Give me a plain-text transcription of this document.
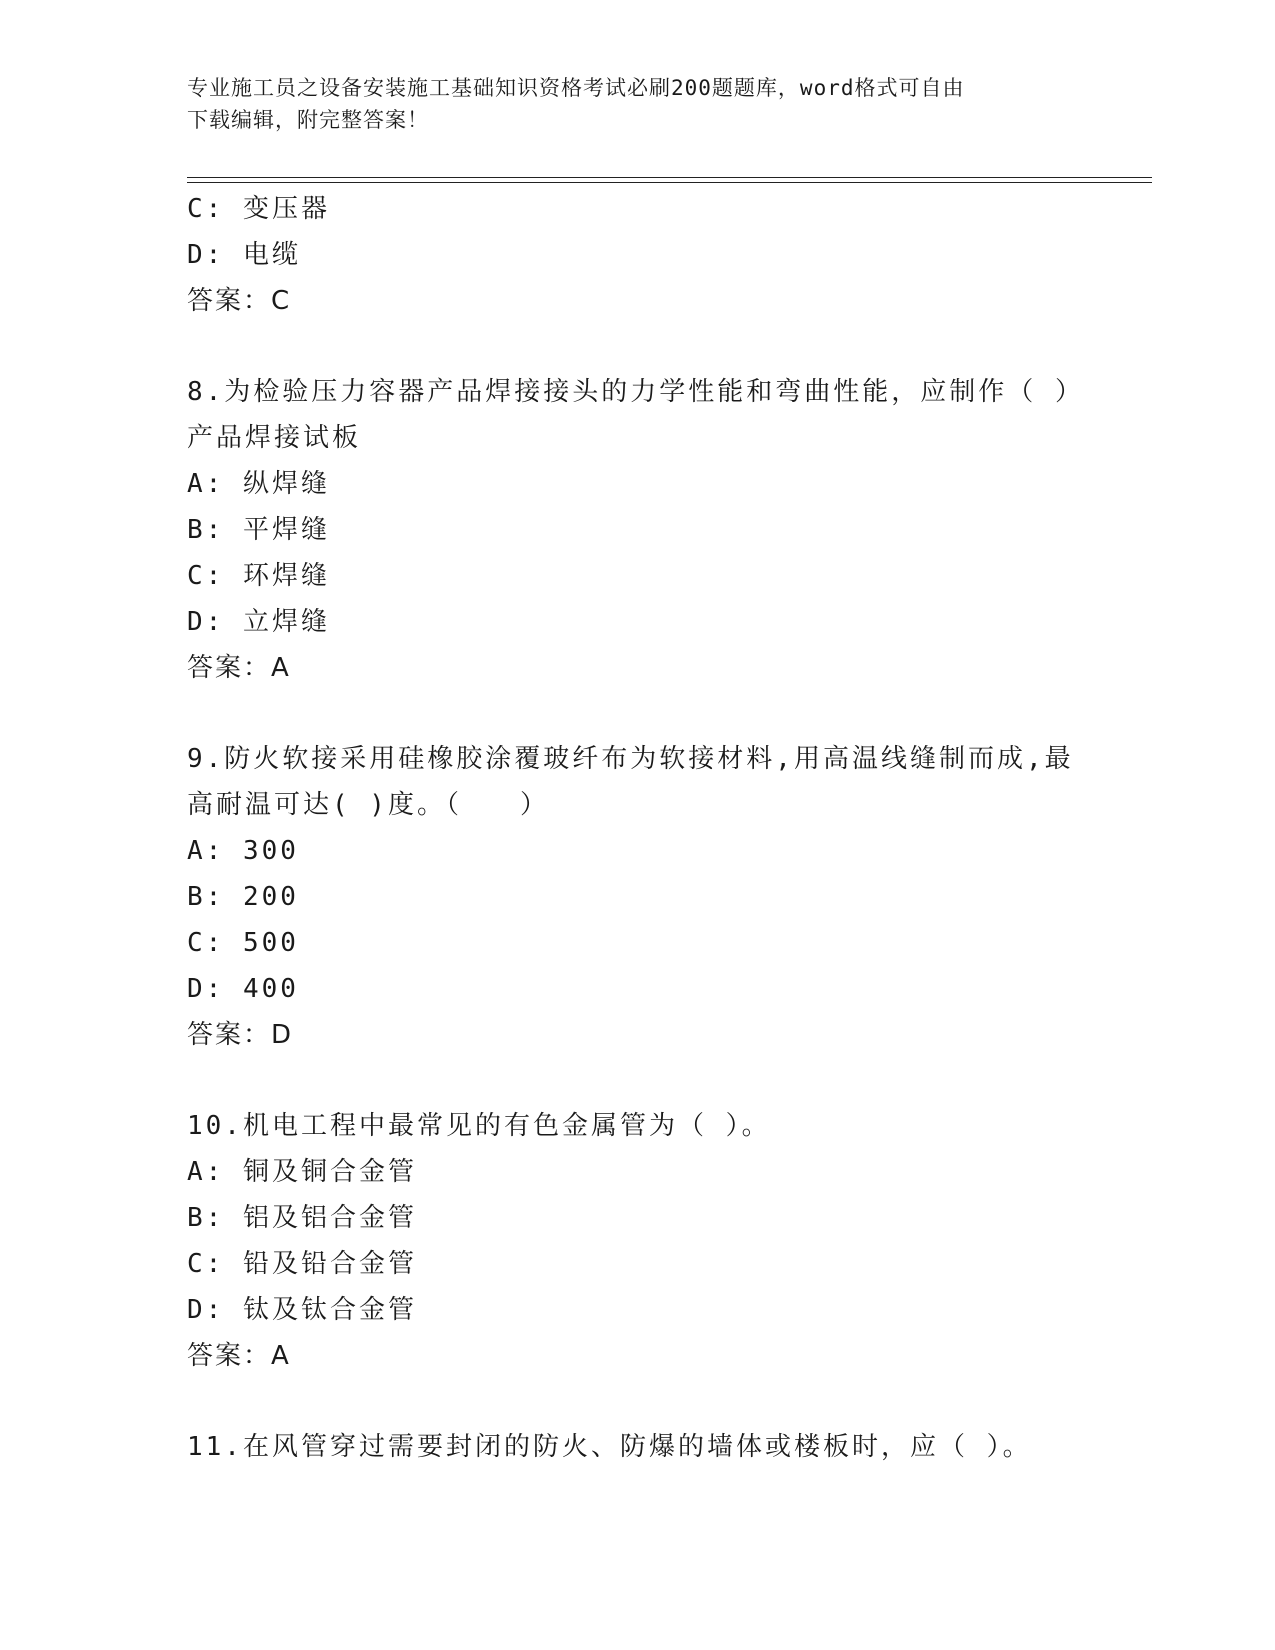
专业施工员之设备安装施工基础知识资格考试必刷200题题库，word格式可自由
下载编辑，附完整答案！
C: 变压器
D: 电缆
答案：C
8.为检验压力容器产品焊接接头的力学性能和弯曲性能，应制作（ ）
产品焊接试板
A: 纵焊缝
B: 平焊缝
C: 环焊缝
D: 立焊缝
答案：A
9.防火软接采用硅橡胶涂覆玻纤布为软接材料,用高温线缝制而成,最
高耐温可达( )度。（　　）
A: 300
B: 200
C: 500
D: 400
答案：D
10.机电工程中最常见的有色金属管为（ ）。
A: 铜及铜合金管
B: 铝及铝合金管
C: 铅及铅合金管
D: 钛及钛合金管
答案：A
11.在风管穿过需要封闭的防火、防爆的墙体或楼板时，应（ ）。
